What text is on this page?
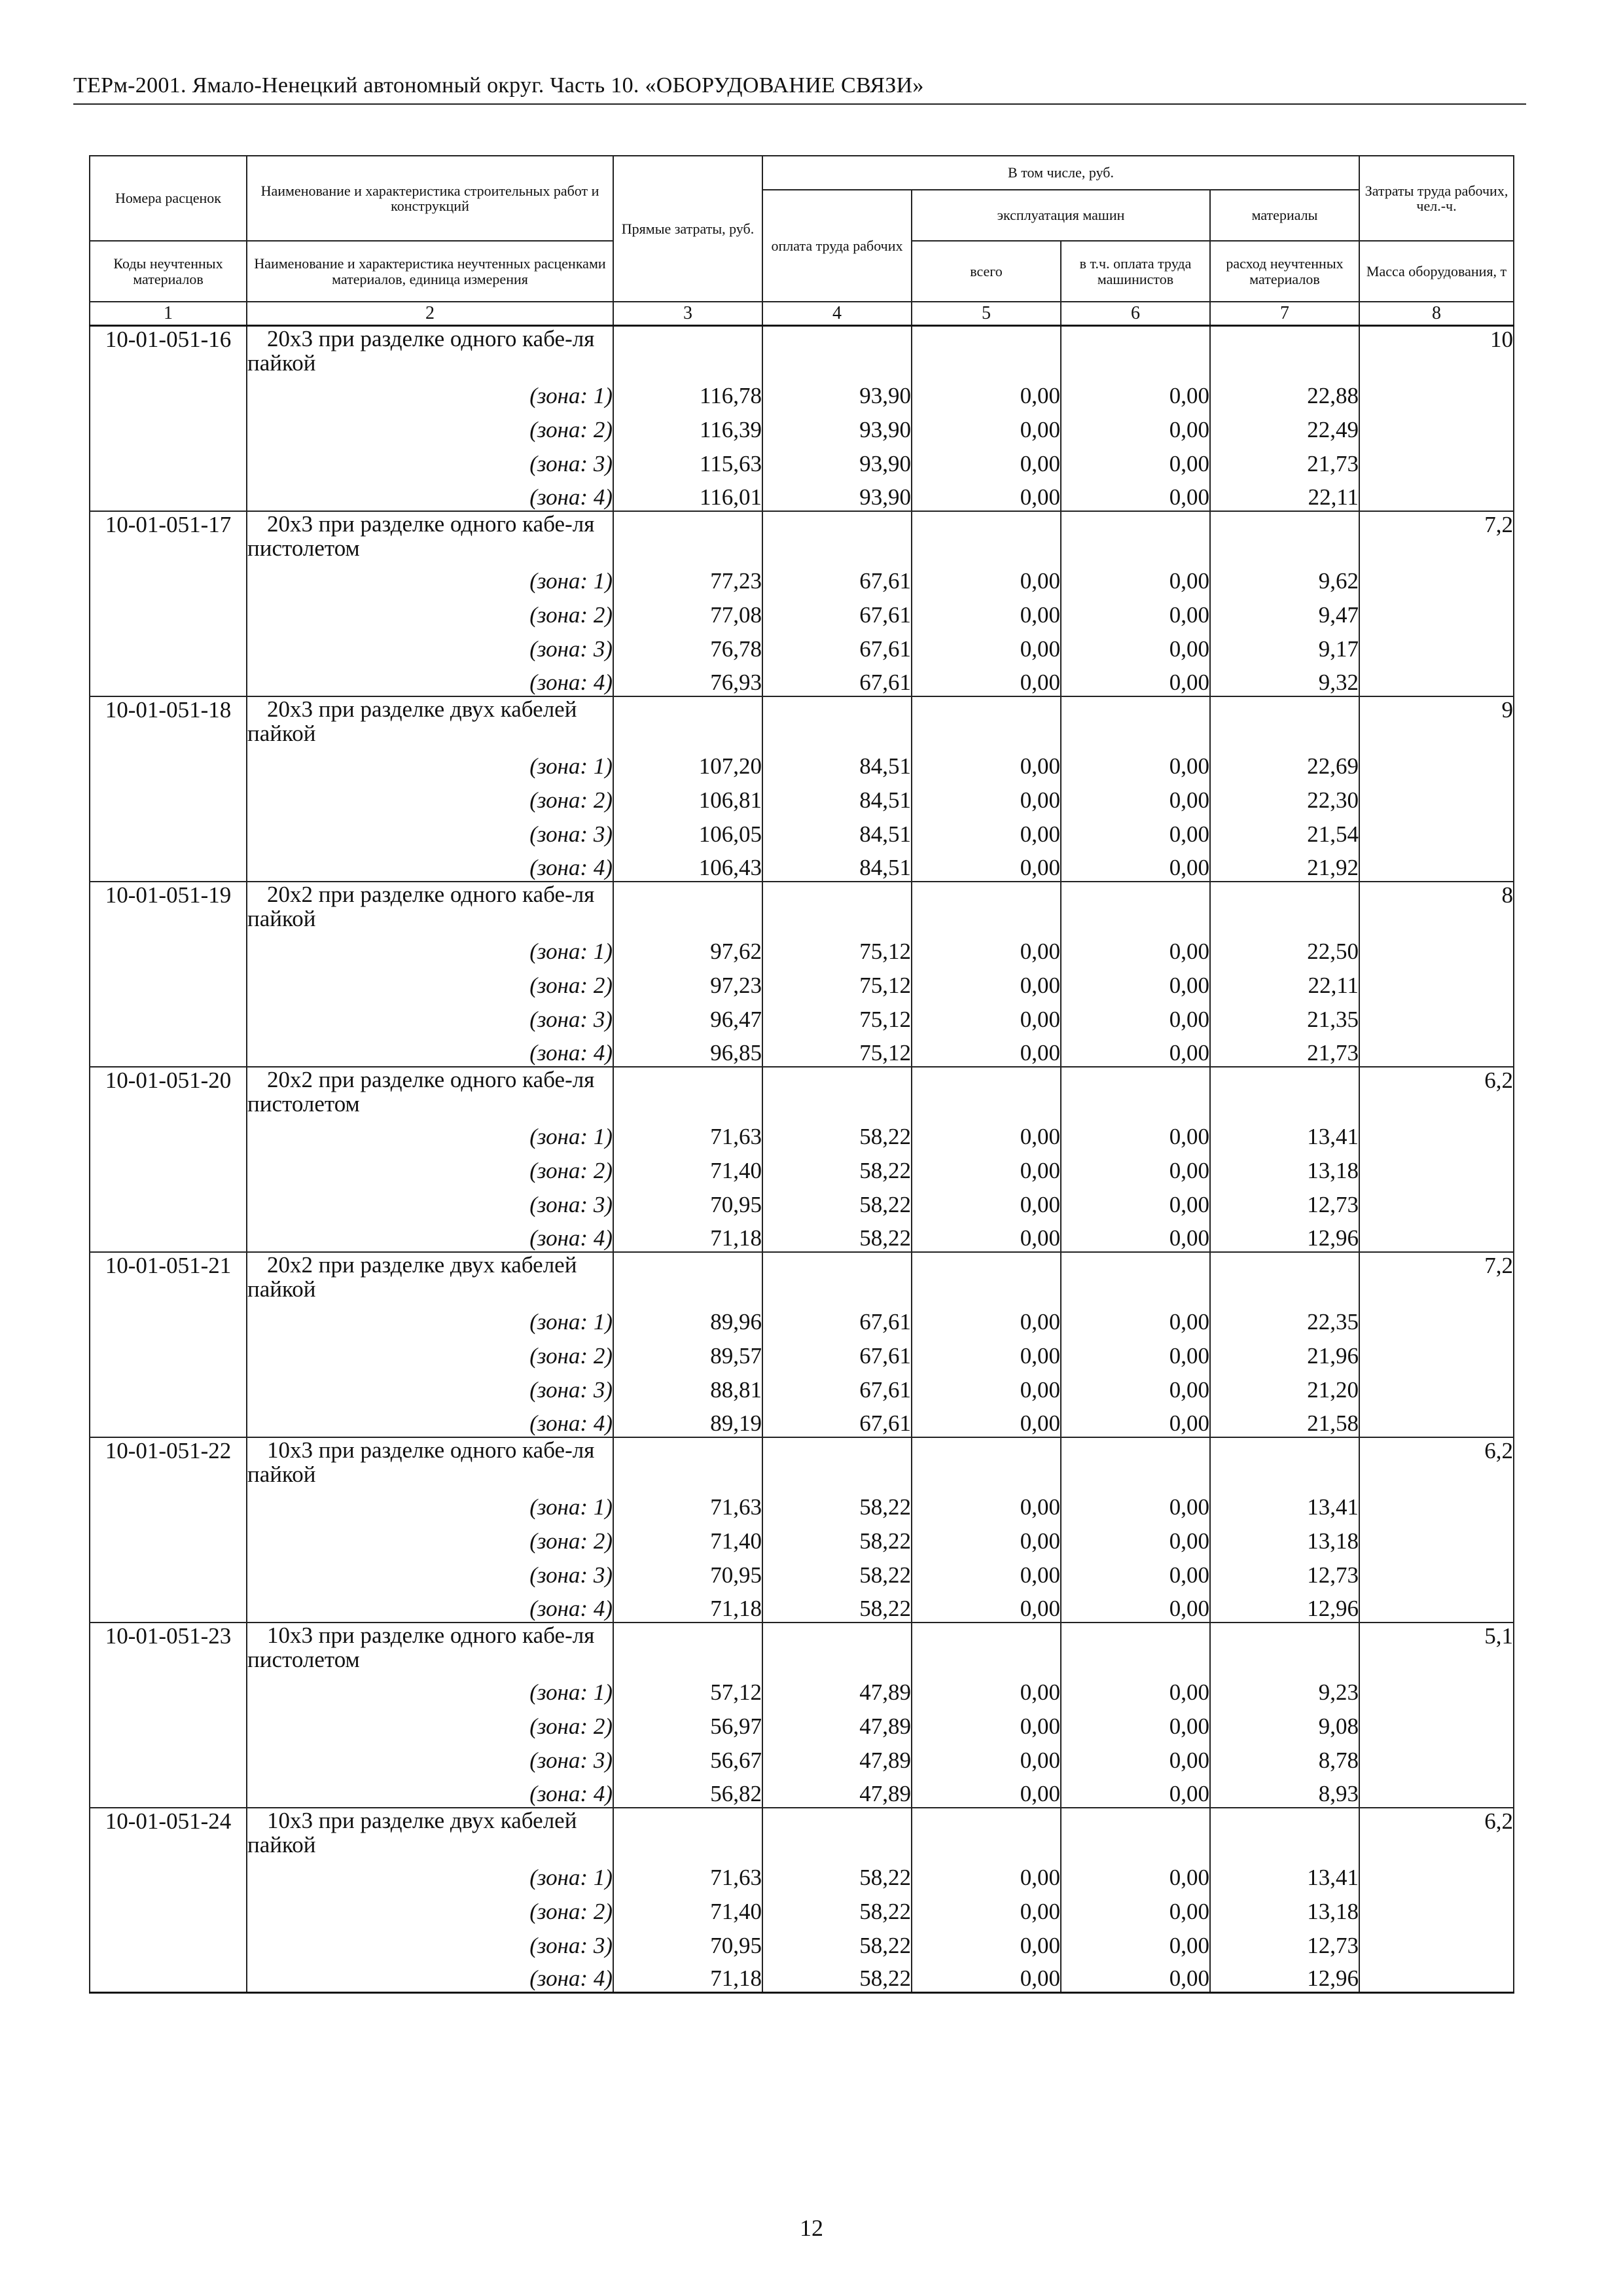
ТЕРм-2001. Ямало-Ненецкий автономный округ. Часть 10. «ОБОРУДОВАНИЕ СВЯЗИ»
Номера расценок	Наименование и характеристика строительных работ и конструкций	Прямые затраты, руб.	В том числе, руб.				Затраты труда рабочих, чел.-ч.
			оплата труда рабочих	эксплуатация машин		материалы	
Коды неучтенных материалов	Наименование и характеристика неучтенных расценками материалов, единица измерения			всего	в т.ч. оплата труда машинистов	расход неучтенных материалов	Масса оборудования, т
1	2	3	4	5	6	7	8
10-01-051-16	20х3 при разделке одного кабе-ля пайкой						10
	(зона: 1)	116,78	93,90	0,00	0,00	22,88	
	(зона: 2)	116,39	93,90	0,00	0,00	22,49	
	(зона: 3)	115,63	93,90	0,00	0,00	21,73	
	(зона: 4)	116,01	93,90	0,00	0,00	22,11	
10-01-051-17	20х3 при разделке одного кабе-ля пистолетом						7,2
	(зона: 1)	77,23	67,61	0,00	0,00	9,62	
	(зона: 2)	77,08	67,61	0,00	0,00	9,47	
	(зона: 3)	76,78	67,61	0,00	0,00	9,17	
	(зона: 4)	76,93	67,61	0,00	0,00	9,32	
10-01-051-18	20х3 при разделке двух кабелей пайкой						9
	(зона: 1)	107,20	84,51	0,00	0,00	22,69	
	(зона: 2)	106,81	84,51	0,00	0,00	22,30	
	(зона: 3)	106,05	84,51	0,00	0,00	21,54	
	(зона: 4)	106,43	84,51	0,00	0,00	21,92	
10-01-051-19	20х2 при разделке одного кабе-ля пайкой						8
	(зона: 1)	97,62	75,12	0,00	0,00	22,50	
	(зона: 2)	97,23	75,12	0,00	0,00	22,11	
	(зона: 3)	96,47	75,12	0,00	0,00	21,35	
	(зона: 4)	96,85	75,12	0,00	0,00	21,73	
10-01-051-20	20х2 при разделке одного кабе-ля пистолетом						6,2
	(зона: 1)	71,63	58,22	0,00	0,00	13,41	
	(зона: 2)	71,40	58,22	0,00	0,00	13,18	
	(зона: 3)	70,95	58,22	0,00	0,00	12,73	
	(зона: 4)	71,18	58,22	0,00	0,00	12,96	
10-01-051-21	20х2 при разделке двух кабелей пайкой						7,2
	(зона: 1)	89,96	67,61	0,00	0,00	22,35	
	(зона: 2)	89,57	67,61	0,00	0,00	21,96	
	(зона: 3)	88,81	67,61	0,00	0,00	21,20	
	(зона: 4)	89,19	67,61	0,00	0,00	21,58	
10-01-051-22	10х3 при разделке одного кабе-ля пайкой						6,2
	(зона: 1)	71,63	58,22	0,00	0,00	13,41	
	(зона: 2)	71,40	58,22	0,00	0,00	13,18	
	(зона: 3)	70,95	58,22	0,00	0,00	12,73	
	(зона: 4)	71,18	58,22	0,00	0,00	12,96	
10-01-051-23	10х3 при разделке одного кабе-ля пистолетом						5,1
	(зона: 1)	57,12	47,89	0,00	0,00	9,23	
	(зона: 2)	56,97	47,89	0,00	0,00	9,08	
	(зона: 3)	56,67	47,89	0,00	0,00	8,78	
	(зона: 4)	56,82	47,89	0,00	0,00	8,93	
10-01-051-24	10х3 при разделке двух кабелей пайкой						6,2
	(зона: 1)	71,63	58,22	0,00	0,00	13,41	
	(зона: 2)	71,40	58,22	0,00	0,00	13,18	
	(зона: 3)	70,95	58,22	0,00	0,00	12,73	
	(зона: 4)	71,18	58,22	0,00	0,00	12,96	
12
